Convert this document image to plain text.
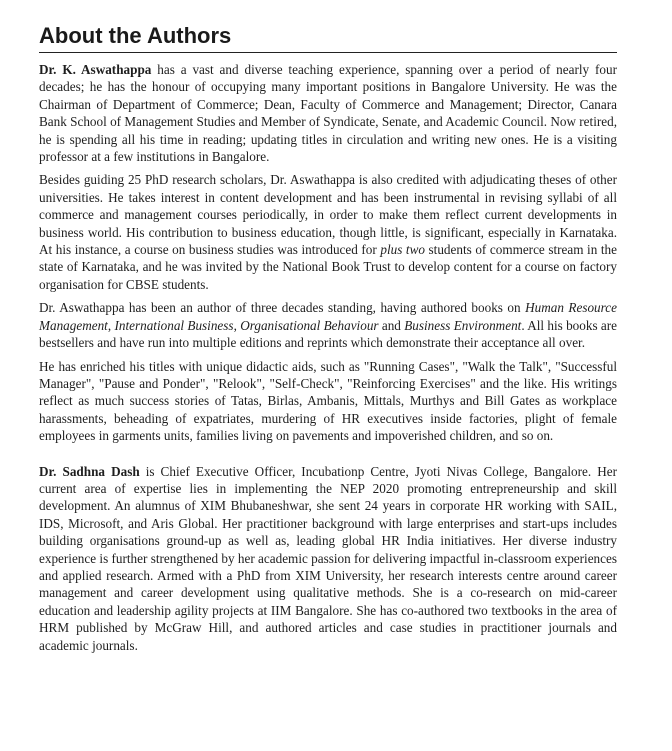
About the Authors

Dr. K. Aswathappa has a vast and diverse teaching experience, spanning over a period of nearly four decades; he has the honour of occupying many important positions in Bangalore University. He was the Chairman of Department of Commerce; Dean, Faculty of Commerce and Management; Director, Canara Bank School of Management Studies and Member of Syndicate, Senate, and Academic Council. Now retired, he is spending all his time in reading; updating titles in circulation and writing new ones. He is a visiting professor at a few institutions in Bangalore.

Besides guiding 25 PhD research scholars, Dr. Aswathappa is also credited with adjudicating theses of other universities. He takes interest in content development and has been instrumental in revising syllabi of all commerce and management courses periodically, in order to make them reflect current developments in business world. His contribution to business education, though little, is significant, especially in Karnataka. At his instance, a course on business studies was introduced for plus two students of commerce stream in the state of Karnataka, and he was invited by the National Book Trust to develop content for a course on factory organisation for CBSE students.

Dr. Aswathappa has been an author of three decades standing, having authored books on Human Resource Management, International Business, Organisational Behaviour and Business Environment. All his books are bestsellers and have run into multiple editions and reprints which demonstrate their acceptance all over.

He has enriched his titles with unique didactic aids, such as "Running Cases", "Walk the Talk", "Successful Manager", "Pause and Ponder", "Relook", "Self-Check", "Reinforcing Exercises" and the like. His writings reflect as much success stories of Tatas, Birlas, Ambanis, Mittals, Murthys and Bill Gates as workplace harassments, beheading of expatriates, murdering of HR executives inside factories, plight of female employees in garments units, families living on pavements and impoverished children, and so on.

Dr. Sadhna Dash is Chief Executive Officer, Incubationp Centre, Jyoti Nivas College, Bangalore. Her current area of expertise lies in implementing the NEP 2020 promoting entrepreneurship and skill development. An alumnus of XIM Bhubaneshwar, she sent 24 years in corporate HR working with SAIL, IDS, Microsoft, and Aris Global. Her practitioner background with large enterprises and start-ups includes building organisations ground-up as well as, leading global HR India initiatives. Her diverse industry experience is further strengthened by her academic passion for delivering impactful in-classroom experiences and applied research. Armed with a PhD from XIM University, her research interests centre around career management and career development using qualitative methods. She is a co-research on mid-career education and leadership agility projects at IIM Bangalore. She has co-authored two textbooks in the area of HRM published by McGraw Hill, and authored articles and case studies in practitioner journals and academic journals.
